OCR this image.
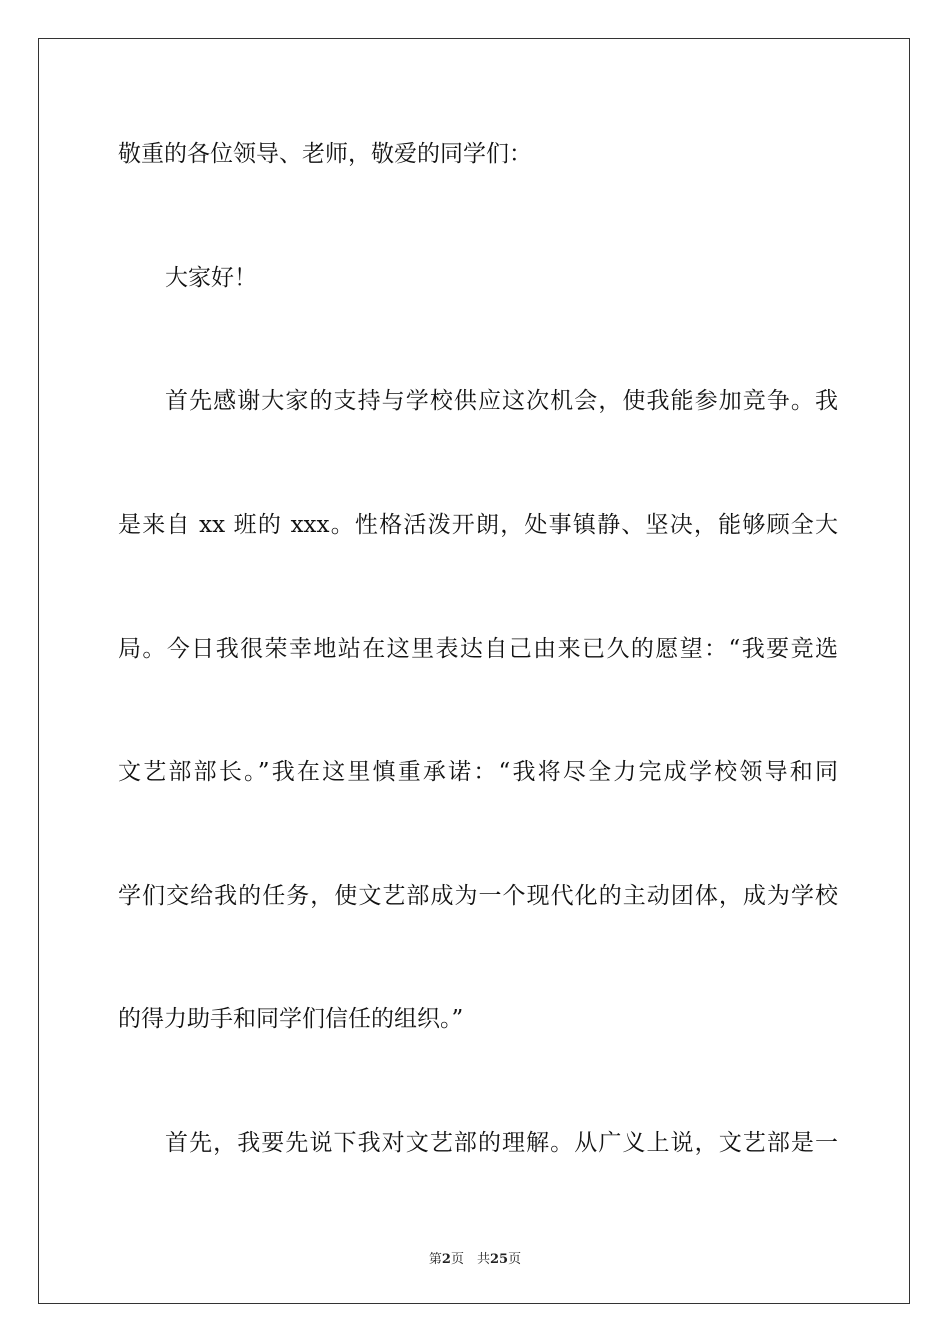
敬重的各位领导、老师，敬爱的同学们：
大家好！
首先感谢大家的支持与学校供应这次机会，使我能参加竞争。我
是来自 xx 班的 xxx。性格活泼开朗，处事镇静、坚决，能够顾全大
局。今日我很荣幸地站在这里表达自己由来已久的愿望：“我要竞选
文艺部部长。”我在这里慎重承诺：“我将尽全力完成学校领导和同
学们交给我的任务，使文艺部成为一个现代化的主动团体，成为学校
的得力助手和同学们信任的组织。”
首先，我要先说下我对文艺部的理解。从广义上说，文艺部是一
第2页　共25页
